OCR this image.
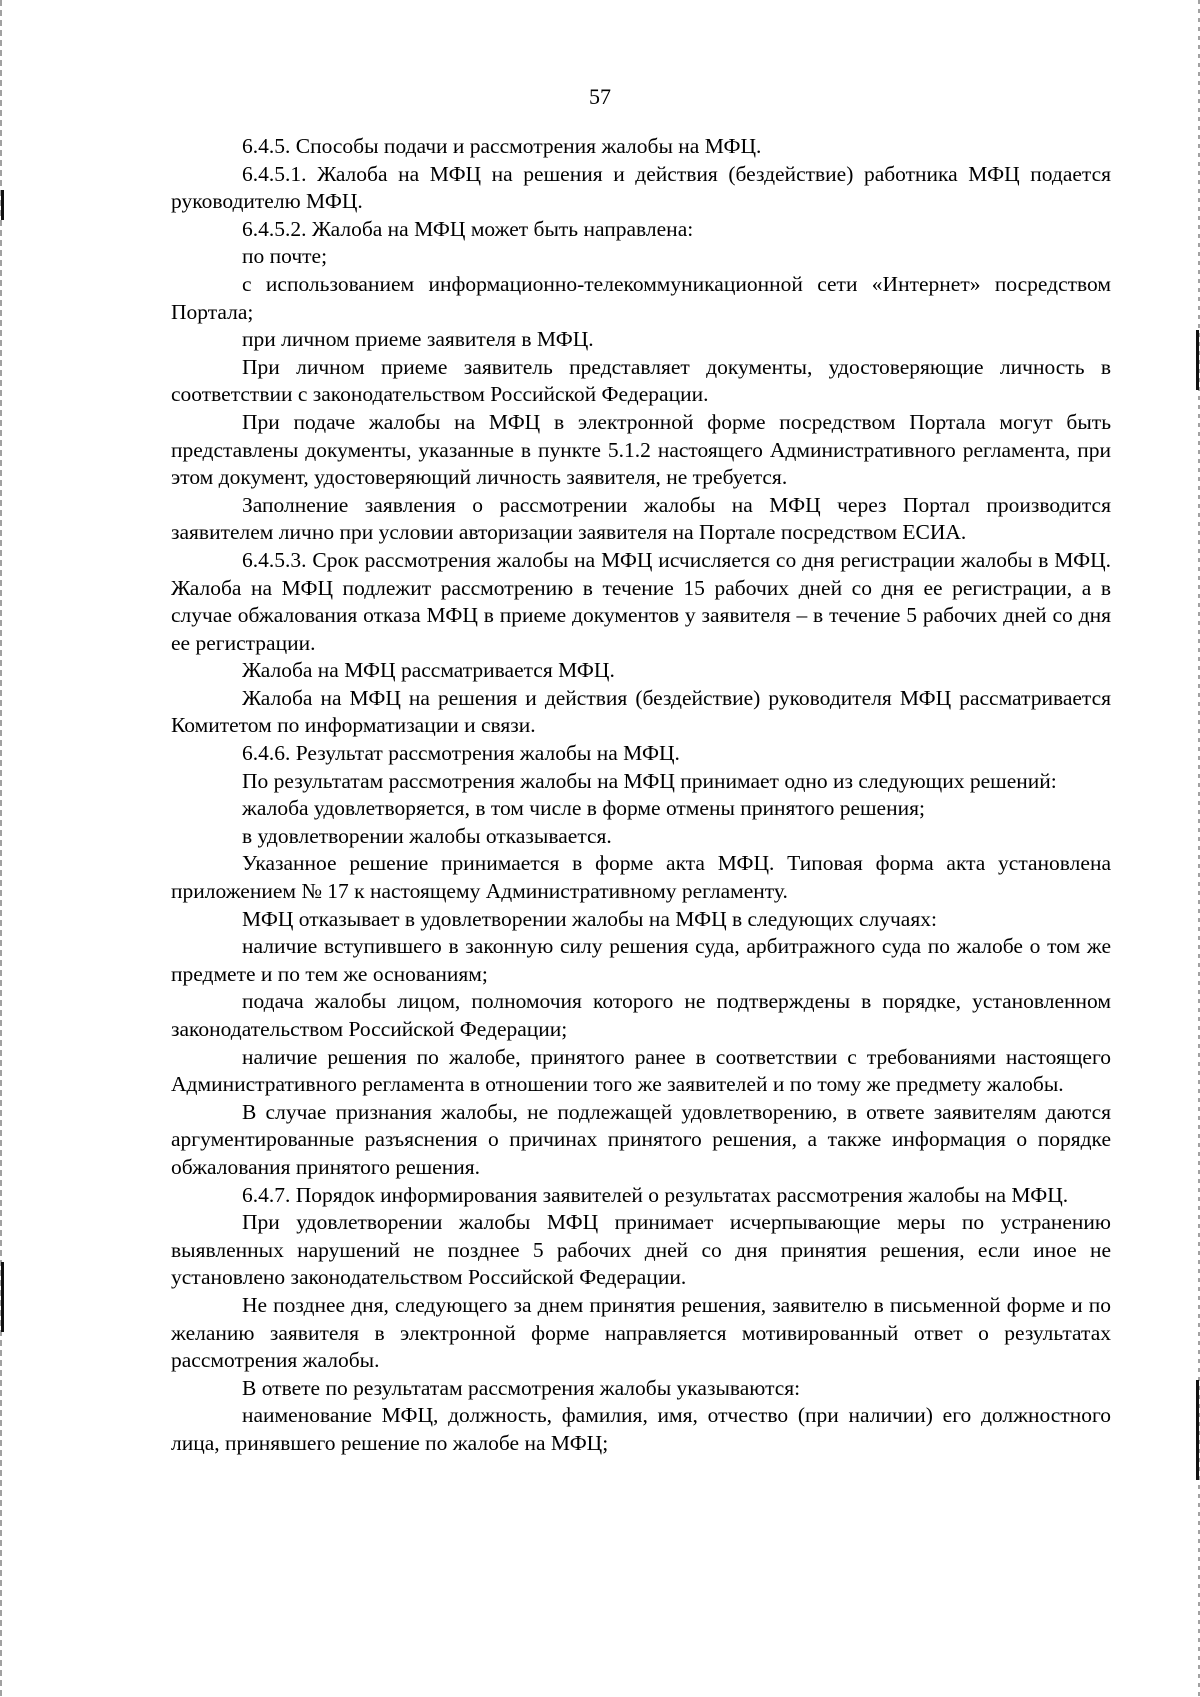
57

6.4.5. Способы подачи и рассмотрения жалобы на МФЦ.

6.4.5.1. Жалоба на МФЦ на решения и действия (бездействие) работника МФЦ подается руководителю МФЦ.

6.4.5.2. Жалоба на МФЦ может быть направлена:

по почте;

с использованием информационно-телекоммуникационной сети «Интернет» посредством Портала;

при личном приеме заявителя в МФЦ.

При личном приеме заявитель представляет документы, удостоверяющие личность в соответствии с законодательством Российской Федерации.

При подаче жалобы на МФЦ в электронной форме посредством Портала могут быть представлены документы, указанные в пункте 5.1.2 настоящего Административного регламента, при этом документ, удостоверяющий личность заявителя, не требуется.

Заполнение заявления о рассмотрении жалобы на МФЦ через Портал производится заявителем лично при условии авторизации заявителя на Портале посредством ЕСИА.

6.4.5.3. Срок рассмотрения жалобы на МФЦ исчисляется со дня регистрации жалобы в МФЦ. Жалоба на МФЦ подлежит рассмотрению в течение 15 рабочих дней со дня ее регистрации, а в случае обжалования отказа МФЦ в приеме документов у заявителя – в течение 5 рабочих дней со дня ее регистрации.

Жалоба на МФЦ рассматривается МФЦ.

Жалоба на МФЦ на решения и действия (бездействие) руководителя МФЦ рассматривается Комитетом по информатизации и связи.

6.4.6. Результат рассмотрения жалобы на МФЦ.

По результатам рассмотрения жалобы на МФЦ принимает одно из следующих решений:

жалоба удовлетворяется, в том числе в форме отмены принятого решения;

в удовлетворении жалобы отказывается.

Указанное решение принимается в форме акта МФЦ. Типовая форма акта установлена приложением № 17 к настоящему Административному регламенту.

МФЦ отказывает в удовлетворении жалобы на МФЦ в следующих случаях:

наличие вступившего в законную силу решения суда, арбитражного суда по жалобе о том же предмете и по тем же основаниям;

подача жалобы лицом, полномочия которого не подтверждены в порядке, установленном законодательством Российской Федерации;

наличие решения по жалобе, принятого ранее в соответствии с требованиями настоящего Административного регламента в отношении того же заявителей и по тому же предмету жалобы.

В случае признания жалобы, не подлежащей удовлетворению, в ответе заявителям даются аргументированные разъяснения о причинах принятого решения, а также информация о порядке обжалования принятого решения.

6.4.7. Порядок информирования заявителей о результатах рассмотрения жалобы на МФЦ.

При удовлетворении жалобы МФЦ принимает исчерпывающие меры по устранению выявленных нарушений не позднее 5 рабочих дней со дня принятия решения, если иное не установлено законодательством Российской Федерации.

Не позднее дня, следующего за днем принятия решения, заявителю в письменной форме и по желанию заявителя в электронной форме направляется мотивированный ответ о результатах рассмотрения жалобы.

В ответе по результатам рассмотрения жалобы указываются:

наименование МФЦ, должность, фамилия, имя, отчество (при наличии) его должностного лица, принявшего решение по жалобе на МФЦ;
